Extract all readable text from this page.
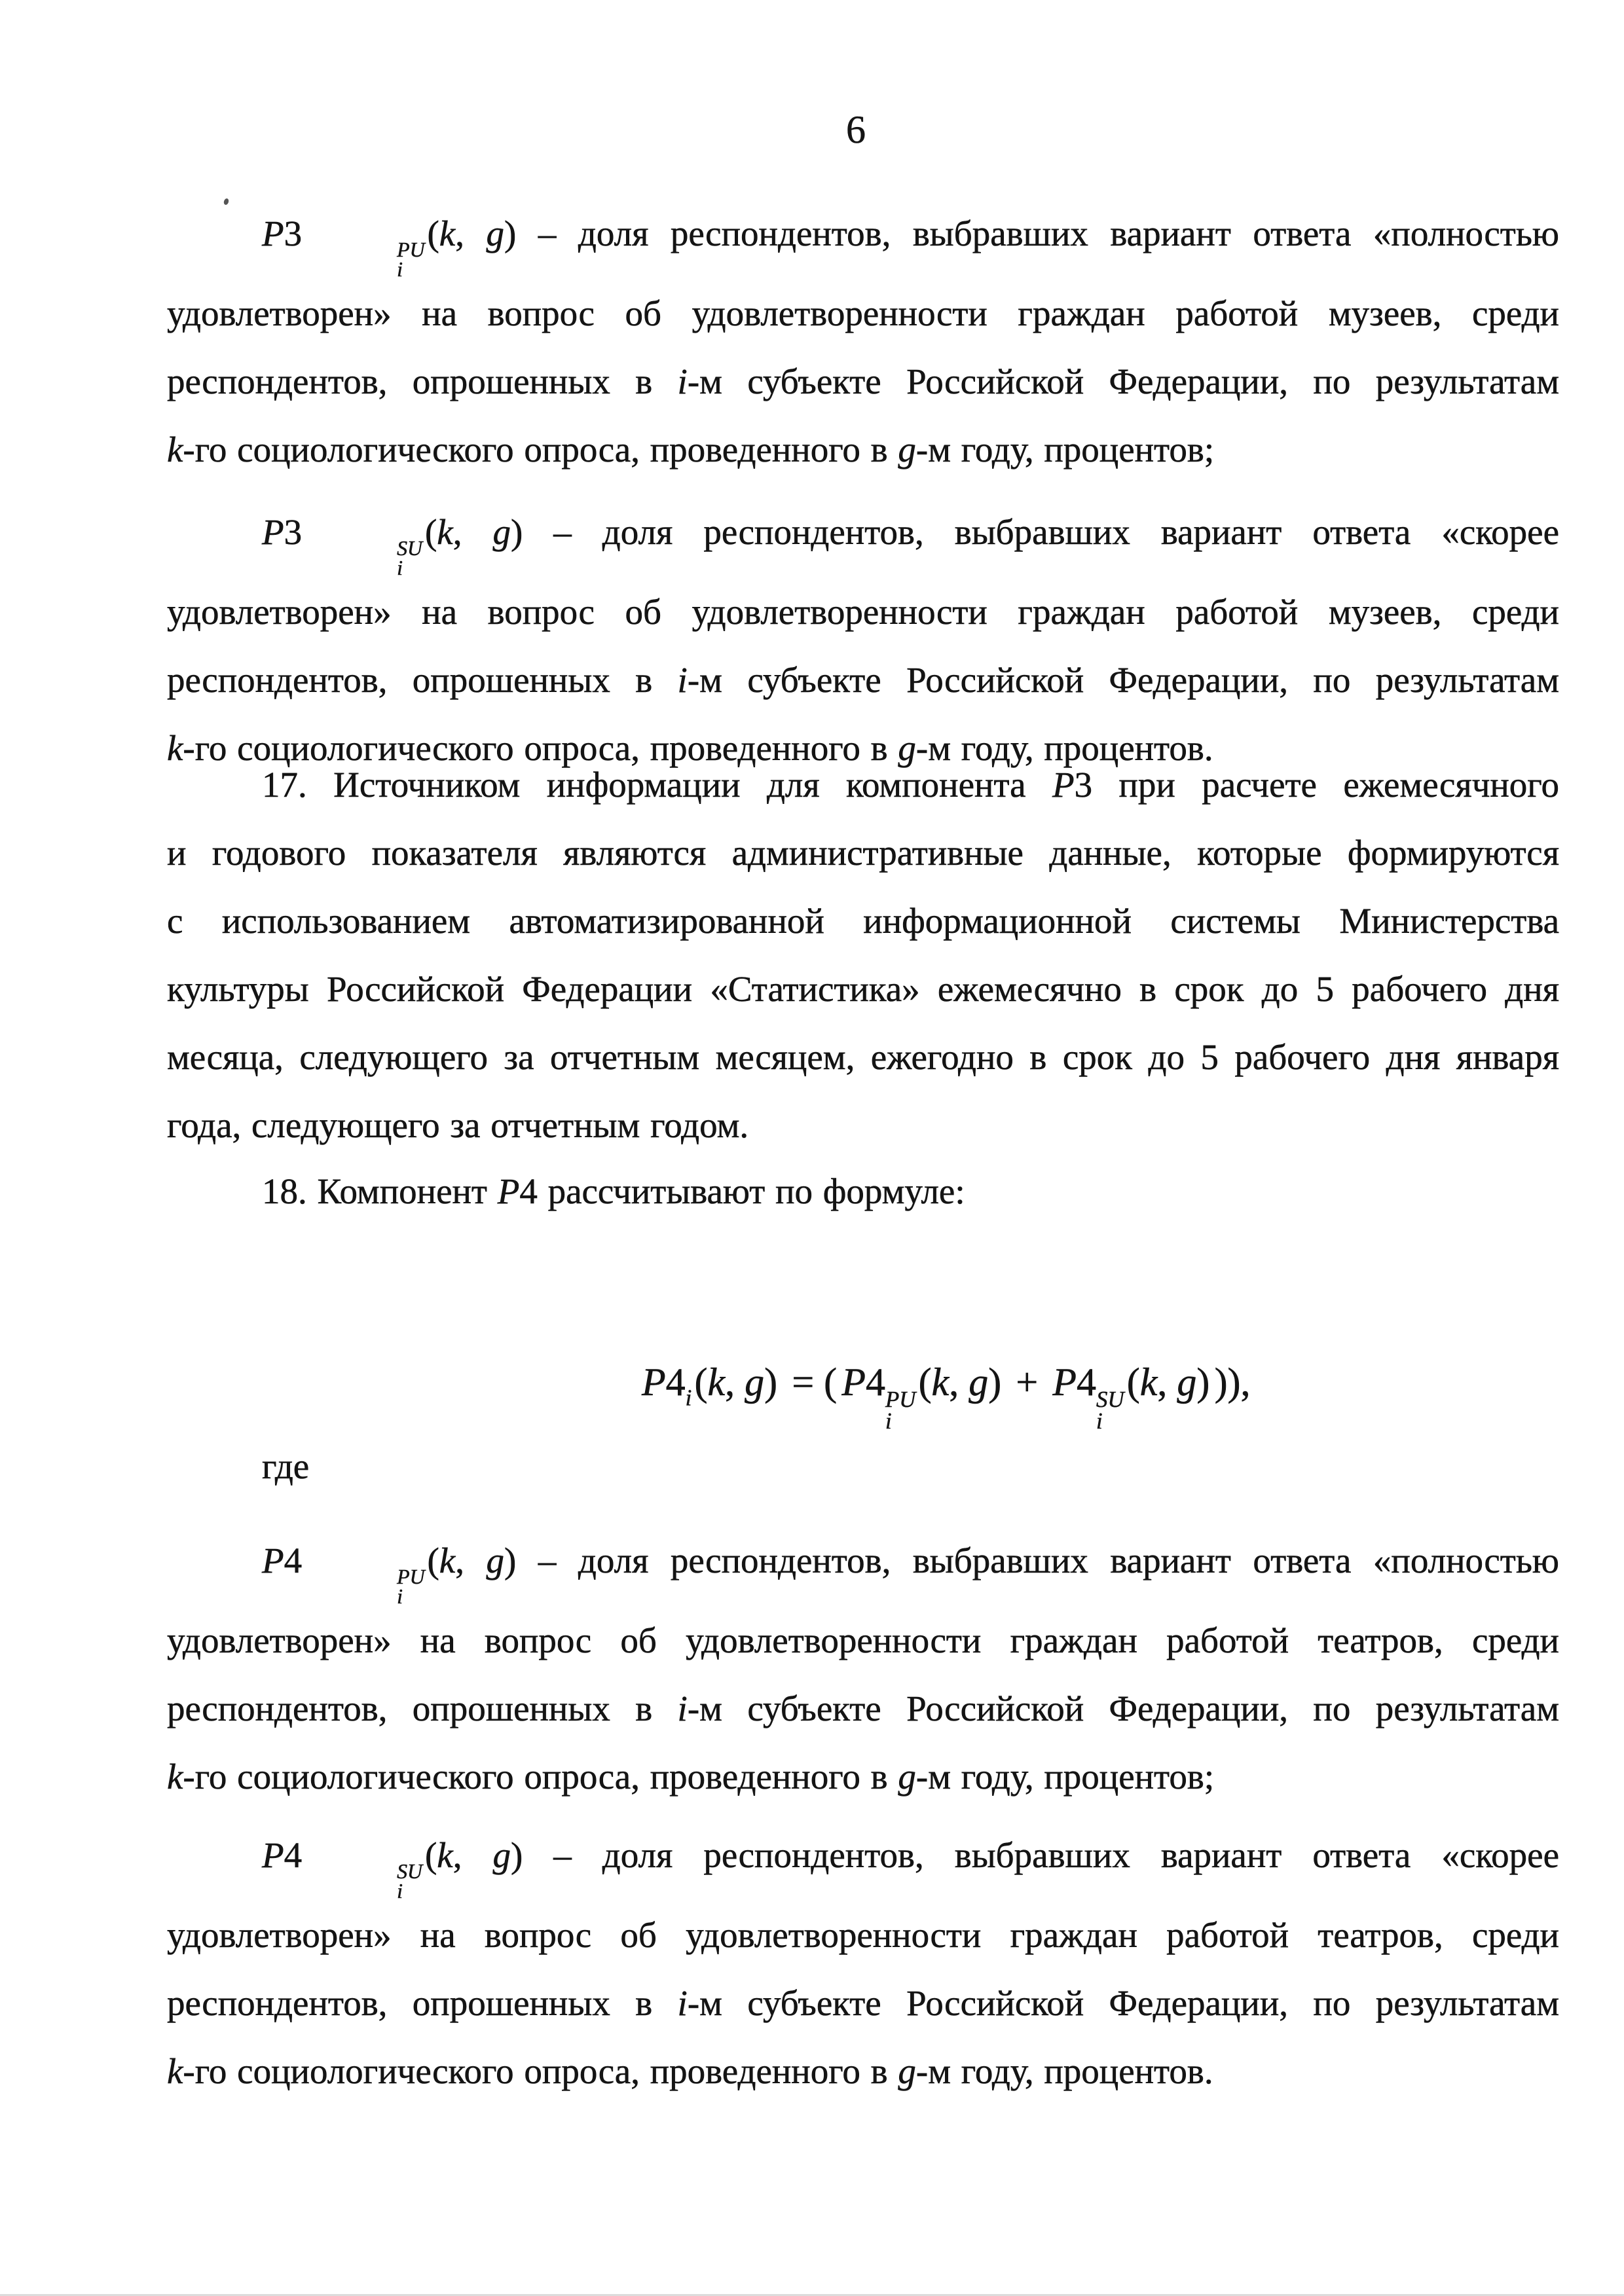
6
P3	PU
i
(k, g) – доля респондентов, выбравших вариант ответа «полностью
удовлетворен» на вопрос об удовлетворенности граждан работой музеев, среди
респондентов, опрошенных в i-м субъекте Российской Федерации, по результатам
k-го социологического опроса, проведенного в g-м году, процентов;
P3	SU
i
(k, g) – доля респондентов, выбравших вариант ответа «скорее
удовлетворен» на вопрос об удовлетворенности граждан работой музеев, среди
респондентов, опрошенных в i-м субъекте Российской Федерации, по результатам
k-го социологического опроса, проведенного в g-м году, процентов.
17. Источником информации для компонента P3 при расчете ежемесячного
и годового показателя являются административные данные, которые формируются
с использованием автоматизированной информационной системы Министерства
культуры Российской Федерации «Статистика» ежемесячно в срок до 5 рабочего дня
месяца, следующего за отчетным месяцем, ежегодно в срок до 5 рабочего дня января
года, следующего за отчетным годом.
18. Компонент P4 рассчитывают по формуле:
$P4_i(k$, g) = ( P4 PU
i
(k, g) + P4 SU
i
(k, g) )),
где
P4	PU
i
(k, g) – доля респондентов, выбравших вариант ответа «полностью
удовлетворен» на вопрос об удовлетворенности граждан работой театров, среди
респондентов, опрошенных в i-м субъекте Российской Федерации, по результатам
k-го социологического опроса, проведенного в g-м году, процентов;
P4	SU
i
(k, g) – доля респондентов, выбравших вариант ответа «скорее
удовлетворен» на вопрос об удовлетворенности граждан работой театров, среди
респондентов, опрошенных в i-м субъекте Российской Федерации, по результатам
k-го социологического опроса, проведенного в g-м году, процентов.
